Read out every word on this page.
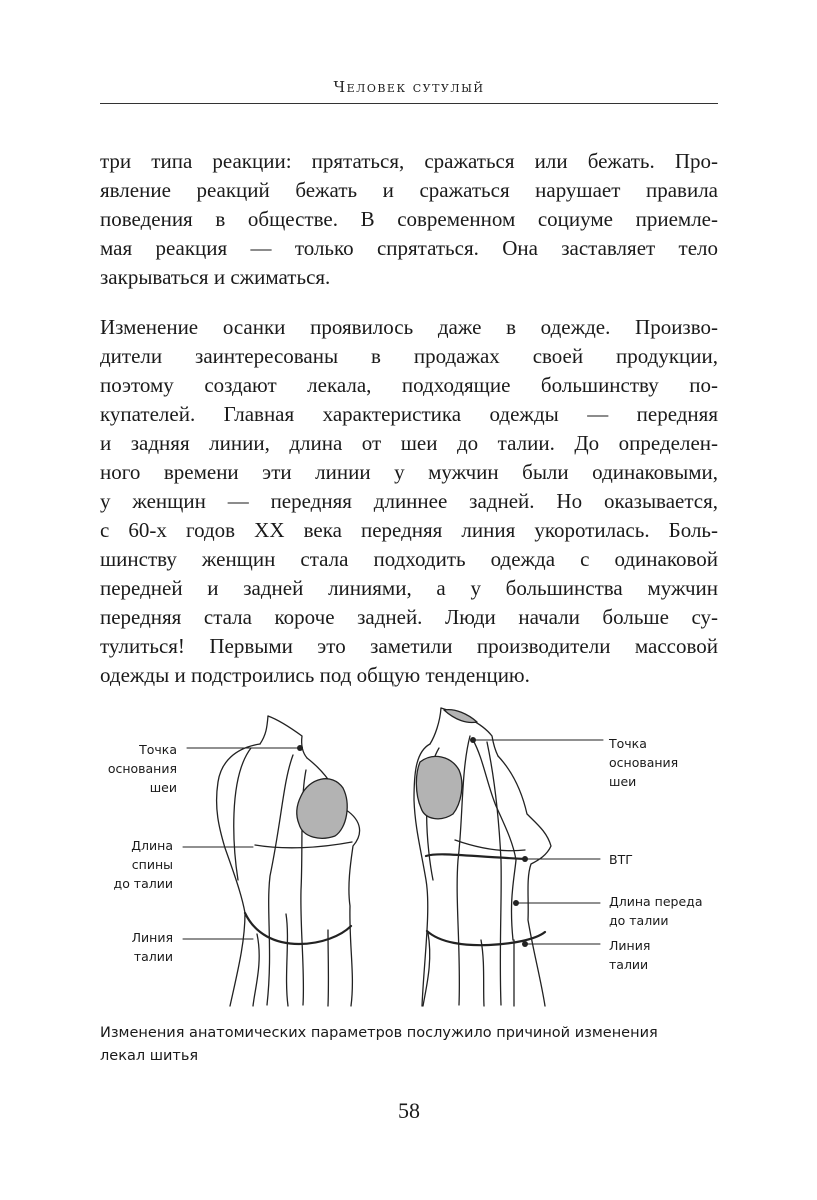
Человек сутулый

три типа реакции: прятаться, сражаться или бежать. Про-
явление реакций бежать и сражаться нарушает правила
поведения в обществе. В современном социуме приемле-
мая реакция — только спрятаться. Она заставляет тело
закрываться и сжиматься.

Изменение осанки проявилось даже в одежде. Произво-
дители заинтересованы в продажах своей продукции,
поэтому создают лекала, подходящие большинству по-
купателей. Главная характеристика одежды — передняя
и задняя линии, длина от шеи до талии. До определен-
ного времени эти линии у мужчин были одинаковыми,
у женщин — передняя длиннее задней. Но оказывается,
с 60-х годов XX века передняя линия укоротилась. Боль-
шинству женщин стала подходить одежда с одинаковой
передней и задней линиями, а у большинства мужчин
передняя стала короче задней. Люди начали больше су-
тулиться! Первыми это заметили производители массовой
одежды и подстроились под общую тенденцию.

Точка
основания
шеи
Длина
спины
до талии
Линия
талии
Точка
основания
шеи
ВТГ
Длина переда
до талии
Линия
талии
Изменения анатомических параметров послужило причиной изменения
лекал шитья
58
